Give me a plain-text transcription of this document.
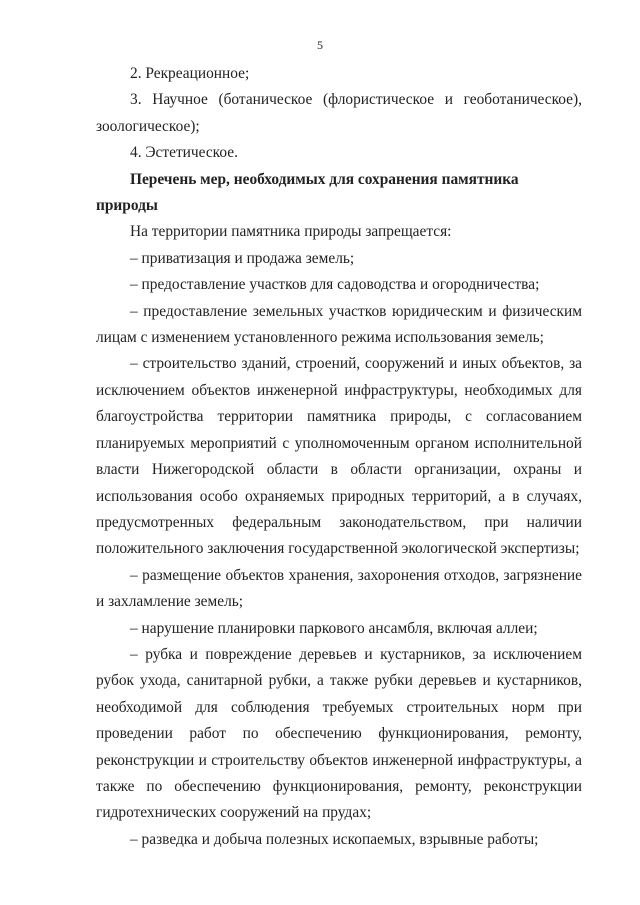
5

2. Рекреационное;

3. Научное (ботаническое (флористическое и геоботаническое), зоологическое);

4. Эстетическое.

Перечень мер, необходимых для сохранения памятника природы

На территории памятника природы запрещается:

– приватизация и продажа земель;

– предоставление участков для садоводства и огородничества;

– предоставление земельных участков юридическим и физическим лицам с изменением установленного режима использования земель;

– строительство зданий, строений, сооружений и иных объектов, за исключением объектов инженерной инфраструктуры, необходимых для благоустройства территории памятника природы, с согласованием планируемых мероприятий с уполномоченным органом исполнительной власти Нижегородской области в области организации, охраны и использования особо охраняемых природных территорий, а в случаях, предусмотренных федеральным законодательством, при наличии положительного заключения государственной экологической экспертизы;

– размещение объектов хранения, захоронения отходов, загрязнение и захламление земель;

– нарушение планировки паркового ансамбля, включая аллеи;

– рубка и повреждение деревьев и кустарников, за исключением рубок ухода, санитарной рубки, а также рубки деревьев и кустарников, необходимой для соблюдения требуемых строительных норм при проведении работ по обеспечению функционирования, ремонту, реконструкции и строительству объектов инженерной инфраструктуры, а также по обеспечению функционирования, ремонту, реконструкции гидротехнических сооружений на прудах;

– разведка и добыча полезных ископаемых, взрывные работы;
